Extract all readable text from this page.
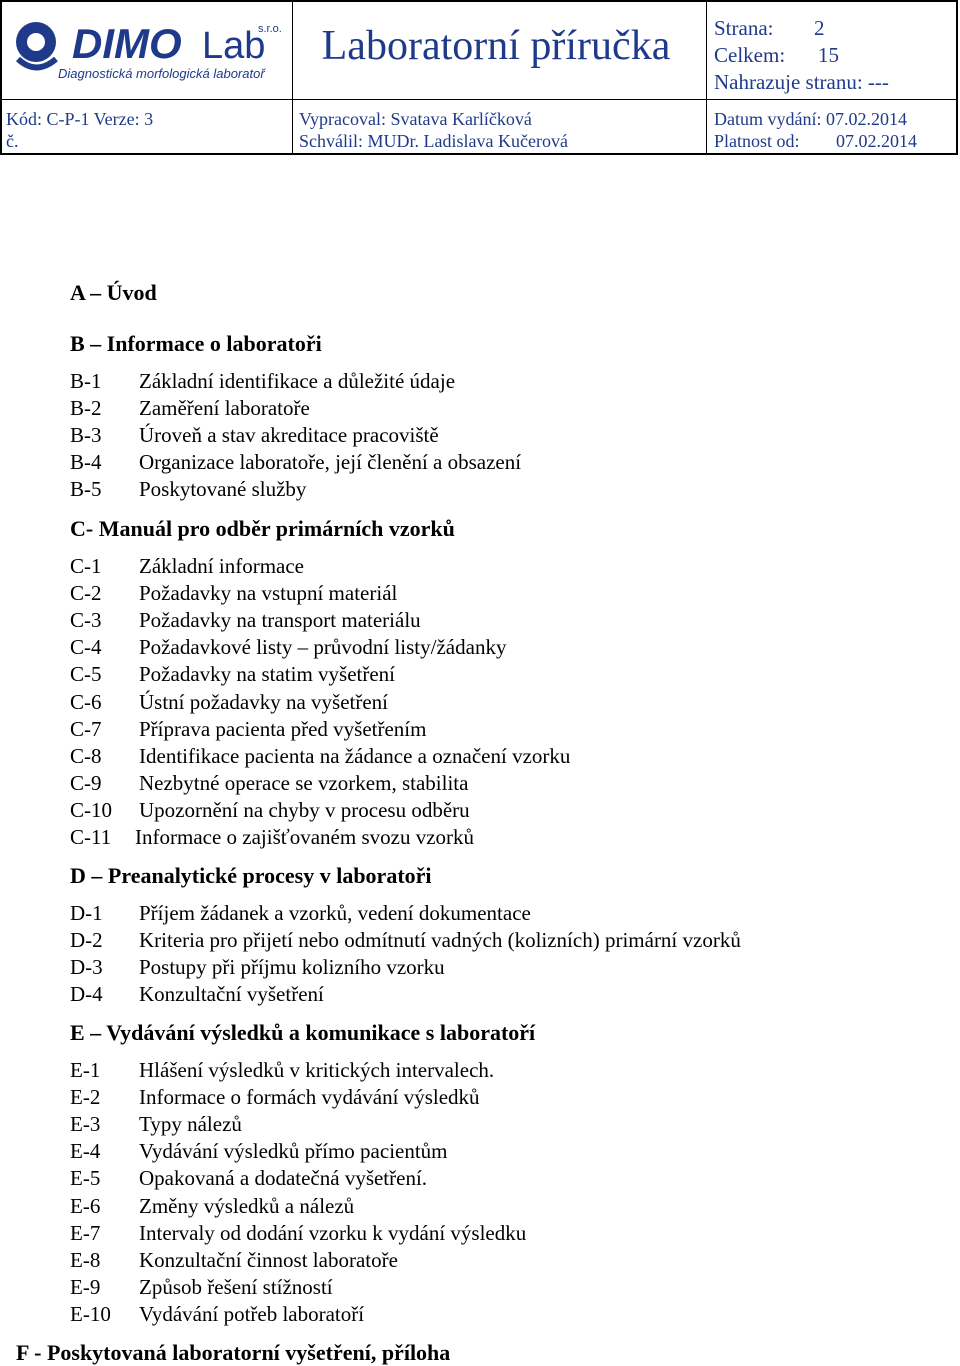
DIMO Lab
s.r.o.
Diagnostická morfologická laboratoř
Laboratorní příručka	Strana: 2
Celkem: 15
Nahrazuje stranu: ---
Kód: C-P-1 Verze: 3
č.
Vypracoval: Svatava Karlíčková
Schválil: MUDr. Ladislava Kučerová
Datum vydání: 07.02.2014
Platnost od: 07.02.2014
A – Úvod
B – Informace o laboratoři
B-1 Základní identifikace a důležité údaje
B-2 Zaměření laboratoře
B-3 Úroveň a stav akreditace pracoviště
B-4 Organizace laboratoře, její členění a obsazení
B-5 Poskytované služby
C- Manuál pro odběr primárních vzorků
C-1 Základní informace
C-2 Požadavky na vstupní materiál
C-3 Požadavky na transport materiálu
C-4 Požadavkové listy – průvodní listy/žádanky
C-5 Požadavky na statim vyšetření
C-6 Ústní požadavky na vyšetření
C-7 Příprava pacienta před vyšetřením
C-8 Identifikace pacienta na žádance a označení vzorku
C-9 Nezbytné operace se vzorkem, stabilita
C-10 Upozornění na chyby v procesu odběru
C-11 Informace o zajišťovaném svozu vzorků
D – Preanalytické procesy v laboratoři
D-1 Příjem žádanek a vzorků, vedení dokumentace
D-2 Kriteria pro přijetí nebo odmítnutí vadných (kolizních) primární vzorků
D-3 Postupy při příjmu kolizního vzorku
D-4 Konzultační vyšetření
E – Vydávání výsledků a komunikace s laboratoří
E-1 Hlášení výsledků v kritických intervalech.
E-2 Informace o formách vydávání výsledků
E-3 Typy nálezů
E-4 Vydávání výsledků přímo pacientům
E-5 Opakovaná a dodatečná vyšetření.
E-6 Změny výsledků a nálezů
E-7 Intervaly od dodání vzorku k vydání výsledku
E-8 Konzultační činnost laboratoře
E-9 Způsob řešení stížností
E-10 Vydávání potřeb laboratoří
F - Poskytovaná laboratorní vyšetření, příloha
